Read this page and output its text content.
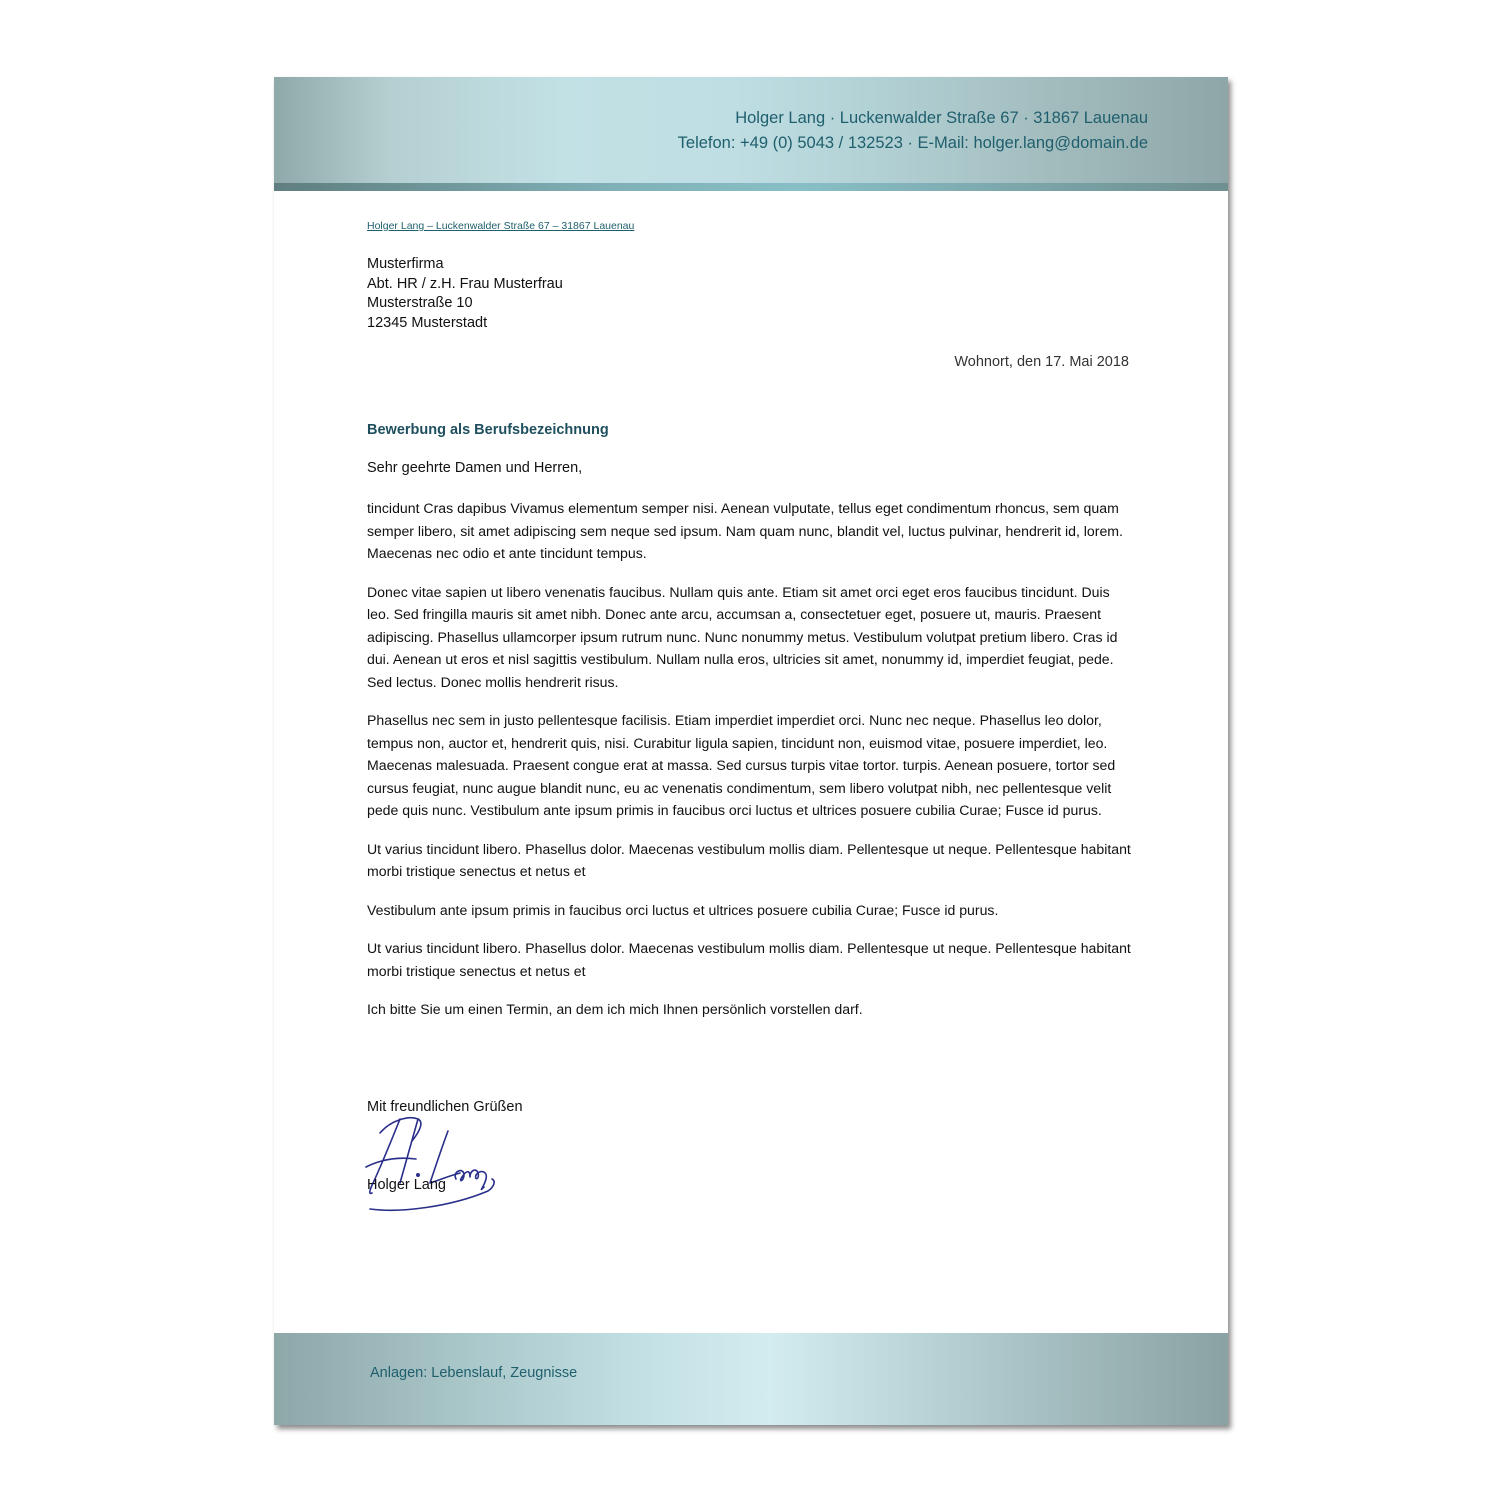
Holger Lang · Luckenwalder Straße 67 · 31867 Lauenau
Telefon: +49 (0) 5043 / 132523 · E-Mail: holger.lang@domain.de
Holger Lang – Luckenwalder Straße 67 – 31867 Lauenau
Musterfirma
Abt. HR / z.H. Frau Musterfrau
Musterstraße 10
12345 Musterstadt
Wohnort, den 17. Mai 2018
Bewerbung als Berufsbezeichnung
Sehr geehrte Damen und Herren,

tincidunt Cras dapibus Vivamus elementum semper nisi. Aenean vulputate, tellus eget condimentum rhoncus, sem quam semper libero, sit amet adipiscing sem neque sed ipsum. Nam quam nunc, blandit vel, luctus pulvinar, hendrerit id, lorem. Maecenas nec odio et ante tincidunt tempus.

Donec vitae sapien ut libero venenatis faucibus. Nullam quis ante. Etiam sit amet orci eget eros faucibus tincidunt. Duis leo. Sed fringilla mauris sit amet nibh. Donec ante arcu, accumsan a, consectetuer eget, posuere ut, mauris. Praesent adipiscing. Phasellus ullamcorper ipsum rutrum nunc. Nunc nonummy metus. Vestibulum volutpat pretium libero. Cras id dui. Aenean ut eros et nisl sagittis vestibulum. Nullam nulla eros, ultricies sit amet, nonummy id, imperdiet feugiat, pede. Sed lectus. Donec mollis hendrerit risus.

Phasellus nec sem in justo pellentesque facilisis. Etiam imperdiet imperdiet orci. Nunc nec neque. Phasellus leo dolor, tempus non, auctor et, hendrerit quis, nisi. Curabitur ligula sapien, tincidunt non, euismod vitae, posuere imperdiet, leo. Maecenas malesuada. Praesent congue erat at massa. Sed cursus turpis vitae tortor. turpis. Aenean posuere, tortor sed cursus feugiat, nunc augue blandit nunc, eu ac venenatis condimentum, sem libero volutpat nibh, nec pellentesque velit pede quis nunc. Vestibulum ante ipsum primis in faucibus orci luctus et ultrices posuere cubilia Curae; Fusce id purus.

Ut varius tincidunt libero. Phasellus dolor. Maecenas vestibulum mollis diam. Pellentesque ut neque. Pellentesque habitant morbi tristique senectus et netus et

Vestibulum ante ipsum primis in faucibus orci luctus et ultrices posuere cubilia Curae; Fusce id purus.

Ut varius tincidunt libero. Phasellus dolor. Maecenas vestibulum mollis diam. Pellentesque ut neque. Pellentesque habitant morbi tristique senectus et netus et

Ich bitte Sie um einen Termin, an dem ich mich Ihnen persönlich vorstellen darf.

Mit freundlichen Grüßen
Holger Lang
Anlagen: Lebenslauf, Zeugnisse
